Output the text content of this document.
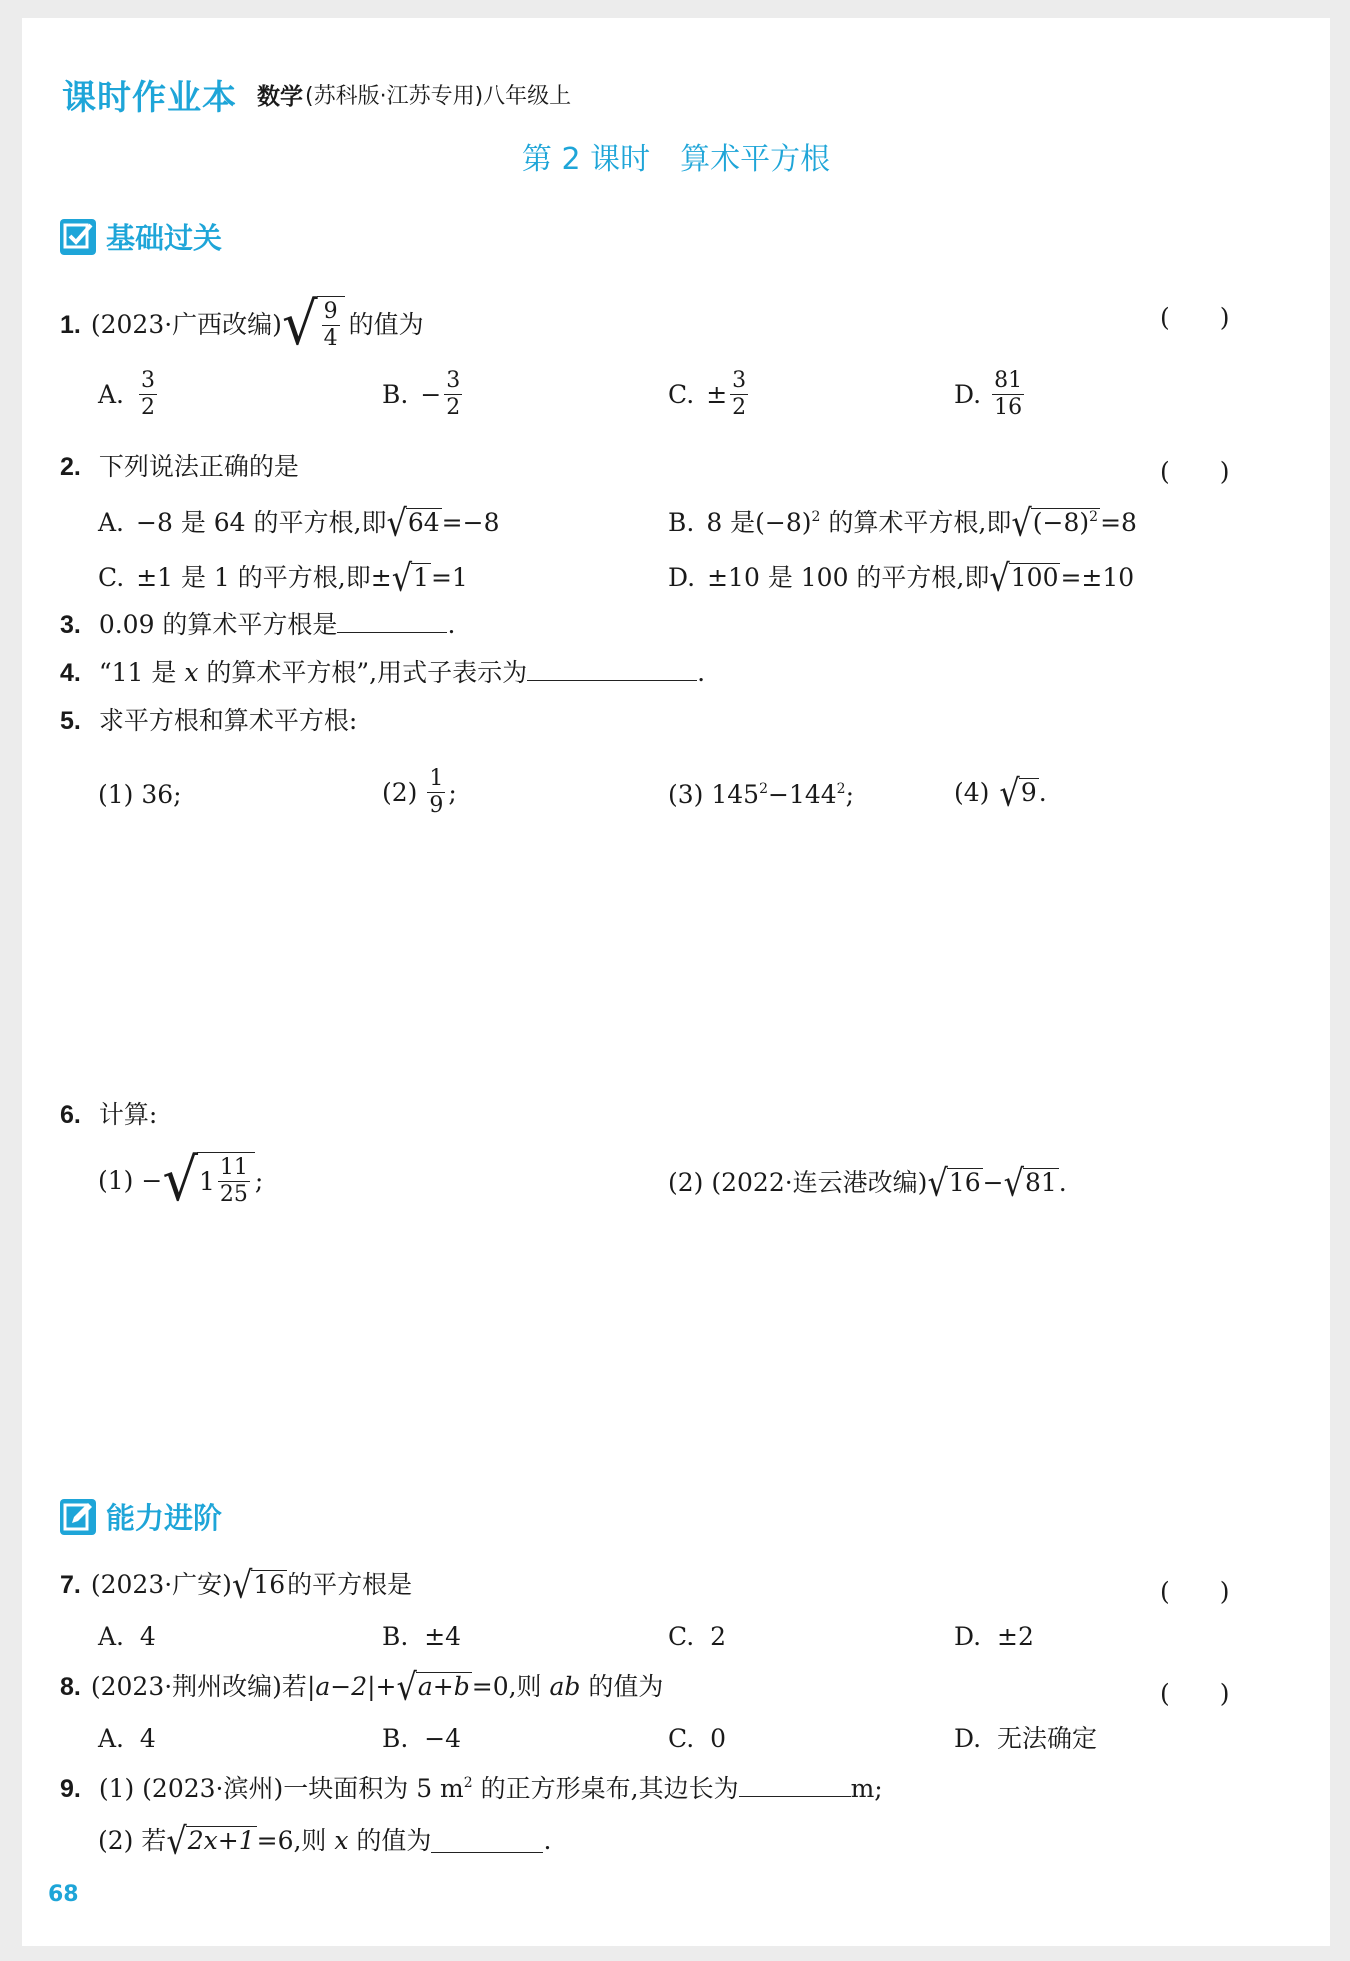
课时作业本 数学 (苏科版·江苏专用)八年级上
第 2 课时　算术平方根
基础过关
1. (2023·广西改编) √ $\frac{9}{4}$ 的值为	(　　)
A. $\frac{3}{2}$	B. − $\frac{3}{2}$	C. ± $\frac{3}{2}$	D. $\frac{81}{16}$
2. 下列说法正确的是	(　　)
A. −8 是 64 的平方根,即 √ 64 =−8	B. 8 是$(-8)^2$ 的算术平方根,即 √ $(-8)^2 =8$
C. ±1 是 1 的平方根,即± √ 1 =1	D. ±10 是 100 的平方根,即 √ 100 =±10
3. 0.09 的算术平方根是	.
4. “11 是 x 的算术平方根”,用式子表示为	.
5. 求平方根和算术平方根:
(1) 36;	$(2) \frac{1}{9}$ ;	(3) $145^2-144^2$;	(4) √ 9 .
6. 计算:
(1) − √ $1 \frac{11}{25}$ ;	(2) (2022·连云港改编) √ 16 − √ 81 .
能力进阶
7. (2023·广安) √ 16 的平方根是	(　　)
A.  4	B.  ±4	C.  2	D.  ±2
8. (2023·荆州改编)若 |a−2| + √ a+b =0,则 ab 的值为	(　　)
A.  4	B.  −4	C.  0	D.  无法确定
9. (1) (2023·滨州)一块面积为 5 $m^2$ 的正方形桌布,其边长为	m;
(2) 若 √ 2x+1 =6,则 x 的值为	.
68
